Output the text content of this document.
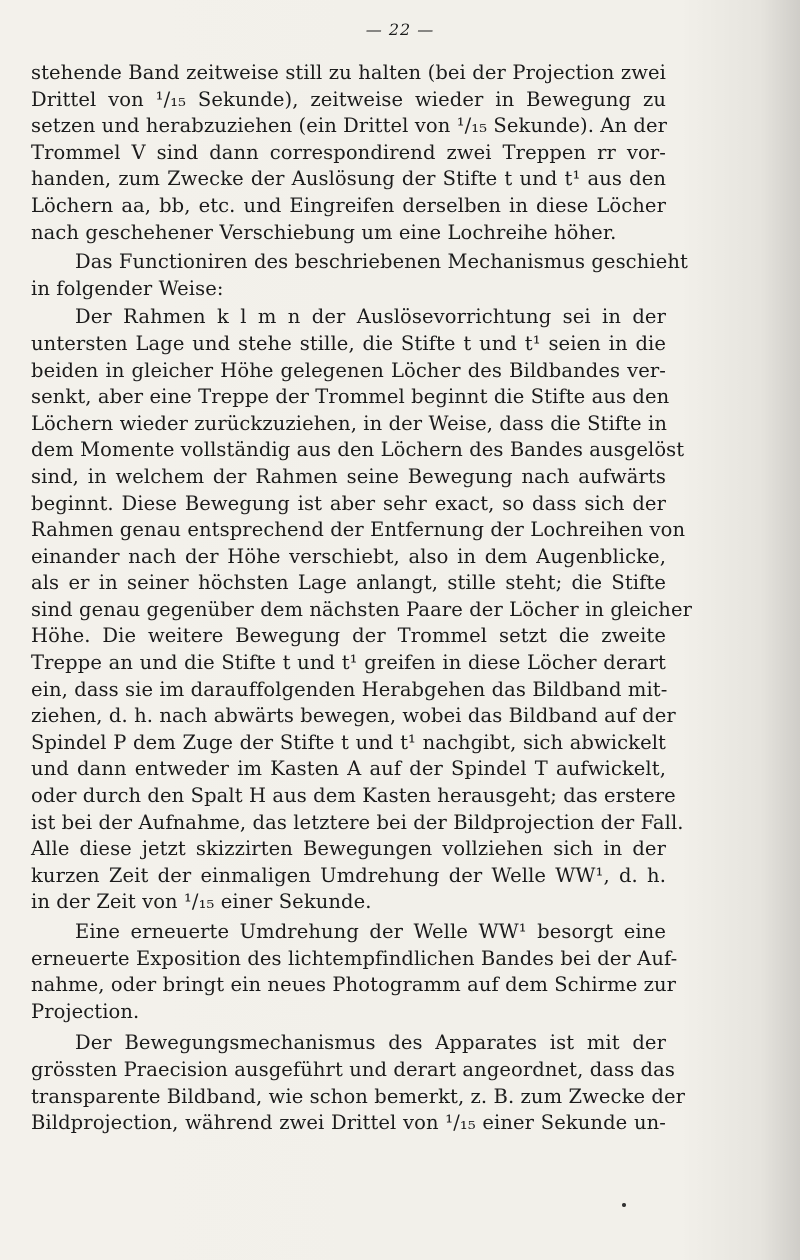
— 22 —
stehende Band zeitweise still zu halten (bei der Projection zwei
Drittel von ¹/₁₅ Sekunde), zeitweise wieder in Bewegung zu
setzen und herabzuziehen (ein Drittel von ¹/₁₅ Sekunde). An der
Trommel V sind dann correspondirend zwei Treppen rr vor-
handen, zum Zwecke der Auslösung der Stifte t und t¹ aus den
Löchern aa, bb, etc. und Eingreifen derselben in diese Löcher
nach geschehener Verschiebung um eine Lochreihe höher.
Das Functioniren des beschriebenen Mechanismus geschieht
in folgender Weise:
Der Rahmen k l m n der Auslösevorrichtung sei in der
untersten Lage und stehe stille, die Stifte t und t¹ seien in die
beiden in gleicher Höhe gelegenen Löcher des Bildbandes ver-
senkt, aber eine Treppe der Trommel beginnt die Stifte aus den
Löchern wieder zurückzuziehen, in der Weise, dass die Stifte in
dem Momente vollständig aus den Löchern des Bandes ausgelöst
sind, in welchem der Rahmen seine Bewegung nach aufwärts
beginnt. Diese Bewegung ist aber sehr exact, so dass sich der
Rahmen genau entsprechend der Entfernung der Lochreihen von
einander nach der Höhe verschiebt, also in dem Augenblicke,
als er in seiner höchsten Lage anlangt, stille steht; die Stifte
sind genau gegenüber dem nächsten Paare der Löcher in gleicher
Höhe. Die weitere Bewegung der Trommel setzt die zweite
Treppe an und die Stifte t und t¹ greifen in diese Löcher derart
ein, dass sie im darauffolgenden Herabgehen das Bildband mit-
ziehen, d. h. nach abwärts bewegen, wobei das Bildband auf der
Spindel P dem Zuge der Stifte t und t¹ nachgibt, sich abwickelt
und dann entweder im Kasten A auf der Spindel T aufwickelt,
oder durch den Spalt H aus dem Kasten herausgeht; das erstere
ist bei der Aufnahme, das letztere bei der Bildprojection der Fall.
Alle diese jetzt skizzirten Bewegungen vollziehen sich in der
kurzen Zeit der einmaligen Umdrehung der Welle WW¹, d. h.
in der Zeit von ¹/₁₅ einer Sekunde.
Eine erneuerte Umdrehung der Welle WW¹ besorgt eine
erneuerte Exposition des lichtempfindlichen Bandes bei der Auf-
nahme, oder bringt ein neues Photogramm auf dem Schirme zur
Projection.
Der Bewegungsmechanismus des Apparates ist mit der
grössten Praecision ausgeführt und derart angeordnet, dass das
transparente Bildband, wie schon bemerkt, z. B. zum Zwecke der
Bildprojection, während zwei Drittel von ¹/₁₅ einer Sekunde un-
